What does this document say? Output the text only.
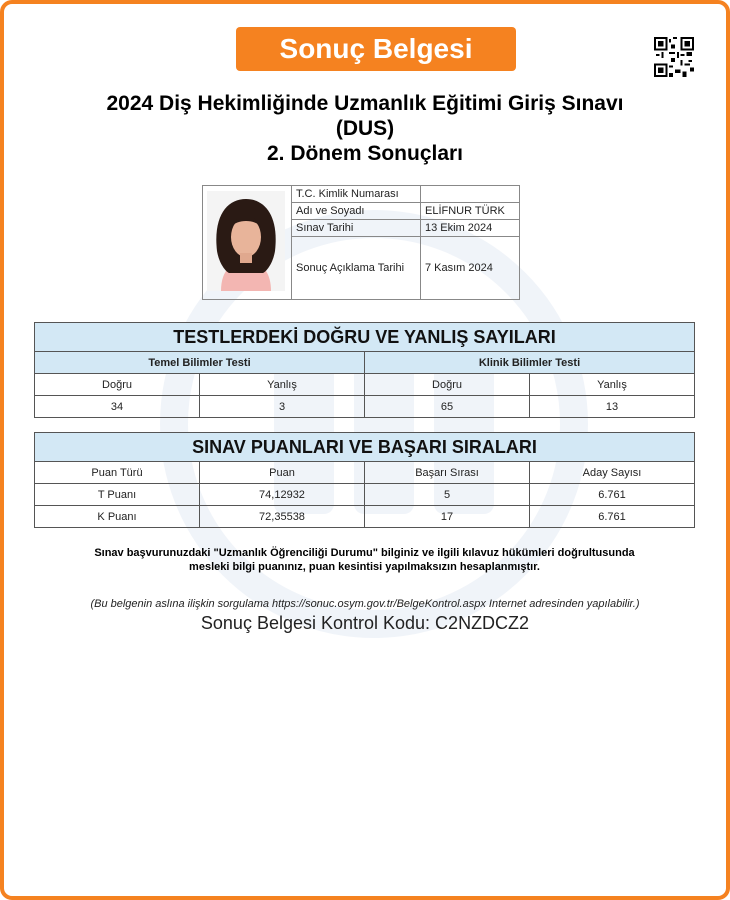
Sonuç Belgesi
2024 Diş Hekimliğinde Uzmanlık Eğitimi Giriş Sınavı
(DUS)
2. Dönem Sonuçları
	T.C. Kimlik Numarası	
	Adı ve Soyadı	ELİFNUR TÜRK
	Sınav Tarihi	13 Ekim 2024
	Sonuç Açıklama Tarihi	7 Kasım 2024
TESTLERDEKİ DOĞRU VE YANLIŞ SAYILARI			
Temel Bilimler Testi		Klinik Bilimler Testi	
Doğru	Yanlış	Doğru	Yanlış
34	3	65	13
SINAV PUANLARI VE BAŞARI SIRALARI			
Puan Türü	Puan	Başarı Sırası	Aday Sayısı
T Puanı	74,12932	5	6.761
K Puanı	72,35538	17	6.761
Sınav başvurunuzdaki "Uzmanlık Öğrenciliği Durumu" bilginiz ve ilgili kılavuz hükümleri doğrultusunda
mesleki bilgi puanınız, puan kesintisi yapılmaksızın hesaplanmıştır.
(Bu belgenin aslına ilişkin sorgulama https://sonuc.osym.gov.tr/BelgeKontrol.aspx Internet adresinden yapılabilir.)
Sonuç Belgesi Kontrol Kodu: C2NZDCZ2
